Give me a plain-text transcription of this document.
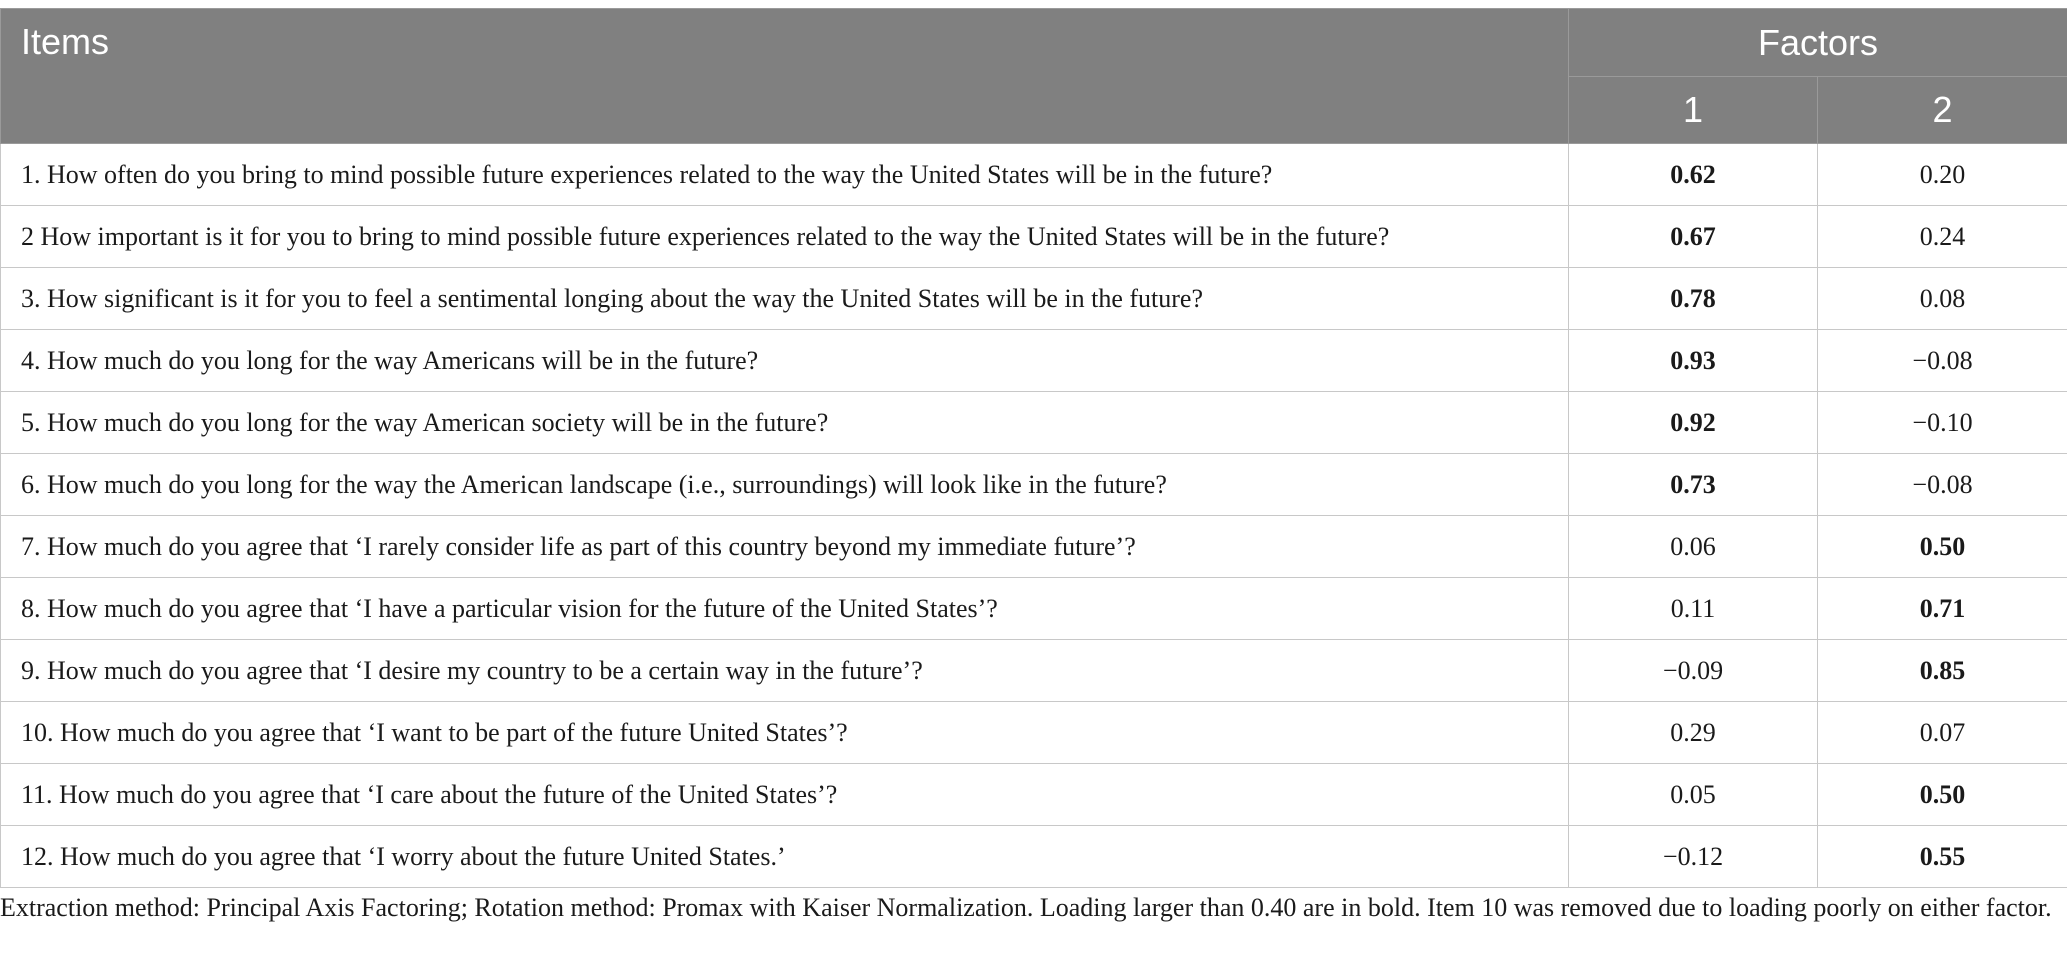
Items	Factors	
	1	2
1. How often do you bring to mind possible future experiences related to the way the United States will be in the future?	0.62	0.20
2 How important is it for you to bring to mind possible future experiences related to the way the United States will be in the future?	0.67	0.24
3. How significant is it for you to feel a sentimental longing about the way the United States will be in the future?	0.78	0.08
4. How much do you long for the way Americans will be in the future?	0.93	−0.08
5. How much do you long for the way American society will be in the future?	0.92	−0.10
6. How much do you long for the way the American landscape (i.e., surroundings) will look like in the future?	0.73	−0.08
7. How much do you agree that ‘I rarely consider life as part of this country beyond my immediate future’?	0.06	0.50
8. How much do you agree that ‘I have a particular vision for the future of the United States’?	0.11	0.71
9. How much do you agree that ‘I desire my country to be a certain way in the future’?	−0.09	0.85
10. How much do you agree that ‘I want to be part of the future United States’?	0.29	0.07
11. How much do you agree that ‘I care about the future of the United States’?	0.05	0.50
12. How much do you agree that ‘I worry about the future United States.’	−0.12	0.55
Extraction method: Principal Axis Factoring; Rotation method: Promax with Kaiser Normalization. Loading larger than 0.40 are in bold. Item 10 was removed due to loading poorly on either factor.
